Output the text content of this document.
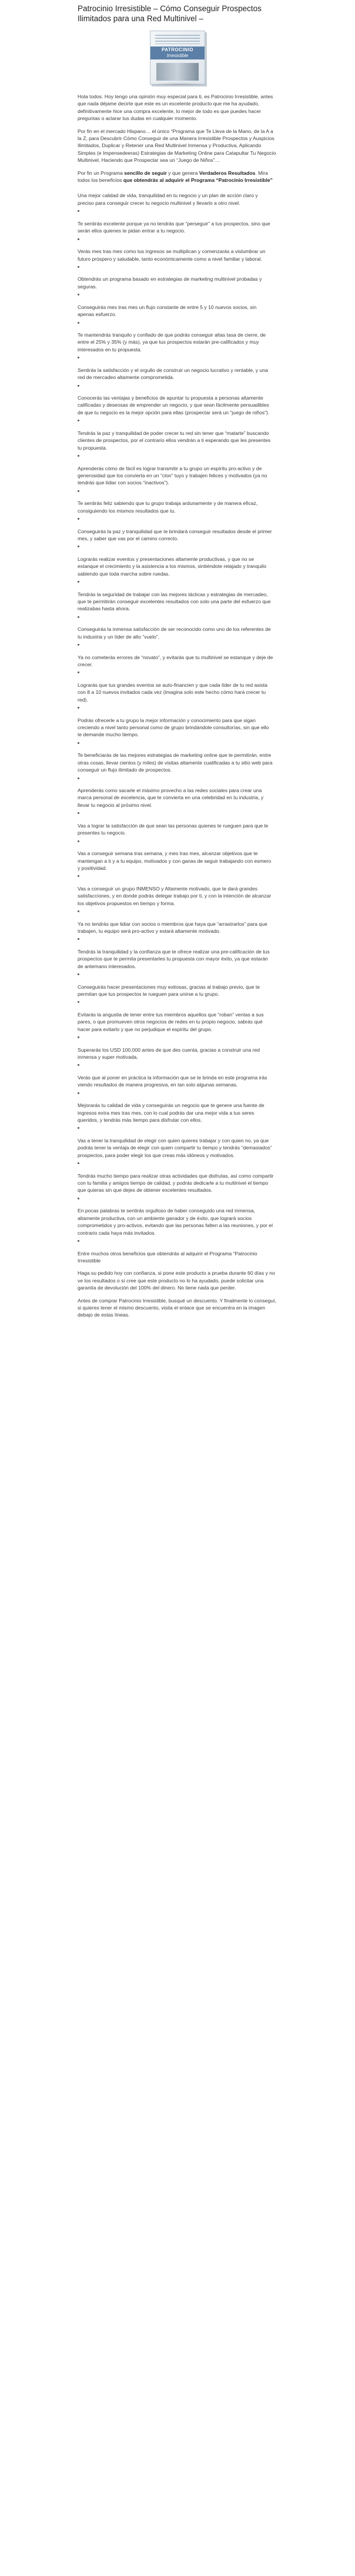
Patrocinio Irresistible – Cómo Conseguir Prospectos Ilimitados para una Red Multinivel –
PATROCINIO
Irresistible

Hola todos. Hoy tengo una opinión muy especial para ti, es Patrocinio Irresistible, antes que nada déjame decirte que este es un excelente producto que me ha ayudado, definitivamente hice una compra excelente, lo mejor de todo es que puedes hacer preguntas o aclarar tus dudas en cualquier momento.

Por fin en el mercado Hispano… el único “Programa que Te Lleva de la Mano, de la A a la Z, para Descubrir Cómo Conseguir de una Manera Irresistible Prospectos y Auspicios Ilimitados, Duplicar y Retener una Red Multinivel Inmensa y Productiva, Aplicando Simples (e Impensedeeras) Estrategias de Marketing Online para Catapultar Tu Negocio Multinivel, Haciendo que Prospectar sea un “Juego de Niños”…

Por fin un Programa sencillo de seguir y que genera Verdaderos Resultados. Mira todos los beneficios que obtendrás al adquirir el Programa “Patrocinio Irresistible”

Una mejor calidad de vida, tranquilidad en tu negocio y un plan de acción claro y preciso para conseguir crecer tu negocio multinivel y llevarlo a otro nivel.
Te sentirás excelente porque ya no tendrás que “perseguir” a tus prospectos, sino que serán ellos quienes te pidan entrar a tu negocio.
Verás mes tras mes como tus ingresos se multiplican y comenzarás a vislumbrar un futuro próspero y saludable, tanto económicamente como a nivel familiar y laboral.
Obtendrás un programa basado en estrategias de marketing multinivel probadas y seguras.
Conseguirás mes tras mes un flujo constante de entre 5 y 10 nuevos socios, sin apenas esfuerzo.
Te mantendrás tranquilo y confiado de que podrás conseguir altas tasa de cierre, de entre el 25% y 35% (y más), ya que tus prospectos estarán pre-calificados y muy interesados en tu propuesta.
Sentirás la satisfacción y el orgullo de construir un negocio lucrativo y rentable, y una red de mercadeo altamente comprometida.
Conocerás las ventajas y beneficios de apuntar tu propuesta a personas altamente calificadas y deseosas de emprender un negocio, y que sean fácilmente persuadibles de que tu negocio es la mejor opción para ellas (prospectar será un “juego de niños”).
Tendrás la paz y tranquilidad de poder crecer tu red sin tener que “matarte” buscando clientes de prospectos, por el contrario ellos vendrán a ti esperando que les presentes tu propuesta.
Aprenderás cómo de fácil es lograr transmitir a tu grupo un espíritu pro-activo y de generosidad que los convierta en un “clon” tuyo y trabajen felices y motivados (ya no tendrás que lidiar con socios “inactivos”).
Te sentirás feliz sabiendo que tu grupo trabaja ardunamente y de manera eficaz, consiguiendo los mismos resultados que tu.
Conseguirás la paz y tranquilidad que te brindará conseguir resultados desde el primer mes, y saber que vas por el camino correcto.
Lograrás realizar eventos y presentaciones altamente productivas, y que no se estanque el crecimiento y la asistencia a los mismos, sintiéndote relajado y tranquilo sabiendo que toda marcha sobre ruedas.
Tendrás la seguridad de trabajar con las mejores tácticas y estrategias de mercadeo, que te permitirán conseguir excelentes resultados con solo una parte del esfuerzo que realizabas hasta ahora.
Conseguirás la inmensa satisfacción de ser reconocido como uno de los referentes de tu industria y un líder de alto “vuelo”.
Ya no cometerás errores de “novato”, y evitarás que tu multinivel se estanque y deje de crecer.
Lograrás que tus grandes eventos se auto-financien y que cada líder de tu red asista con 8 a 10 nuevos invitados cada vez (imagina solo este hecho cómo hará crecer tu red).
Podrás ofrecerle a tu grupo la mejor información y conocimiento para que sigan creciendo a nivel tanto personal como de grupo brindándole consultorías, sin que ello te demande mucho tiempo.
Te beneficiarás de las mejores estrategias de marketing online que te permitirán, entre otras cosas, llevar cientos (y miles) de visitas altamente cualificadas a tu sitio web para conseguir un flujo ilimitado de prospectos.
Aprenderás como sacarle el máximo provecho a las redes sociales para crear una marca personal de excelencia, que te convierta en una celebridad en tu industria, y llevar tu negocio al próximo nivel.
Vas a lograr la satisfacción de que sean las personas quienes te rueguen para que le presentes tu negocio.
Vas a conseguir semana tras semana, y mes tras mes, alcanzar objetivos que te mantengan a ti y a tu equipo, motivados y con ganas de seguir trabajando con esmero y positividad.
Vas a conseguir un grupo INMENSO y Altamente motivado, que te dará grandes satisfacciones, y en donde podrás delegar trabajo por ti, y con la intención de alcanzar los objetivos propuestos en tiempo y forma.
Ya no tendrás que lidiar con socios o miembros que haya que “arrastrarlos” para que trabajen, tu equipo será pro-activo y estará altamente motivado.
Tendrás la tranquilidad y la confianza que te ofrece realizar una pre-calificación de tus prospectos que te permita presentarles tu propuesta con mayor éxito, ya que estarán de antemano interesados.
Conseguirás hacer presentaciones muy exitosas, gracias al trabajo previo, que te permitan que tus prospectos te rueguen para unirse a tu grupo.
Evitarás la angustia de tener entre tus miembros aquellos que “roban” ventas a sus pares, o que promueven otros negocios de redes en tu propio negocio, sabrás qué hacer para evitarlo y que no perjudique el espíritu del grupo.
Superarás los USD 100.000 antes de que des cuenta, gracias a construir una red inmensa y super motivada.
Verás que al poner en práctica la información que se te brinda en este programa irás viendo resultados de manera progresiva, en tan solo algunas semanas.
Mejorarás tu calidad de vida y conseguirás un negocio que te genere una fuente de ingresos extra mes tras mes, con lo cual podrás dar una mejor vida a tus seres queridos, y tendrás más tiempo para disfrutar con ellos.
Vas a tener la tranquilidad de elegir con quien quieres trabajar y con quien no, ya que podrás tener la ventaja de elegir con quien compartir tu tiempo y tendrás “demasiados” prospectos, para poder elegir los que creas más idóneos y motivados.
Tendrás mucho tiempo para realizar otras actividades que disfrutas, así como compartir con tu familia y amigos tiempo de calidad, y podrás dedicarle a tu multinivel el tiempo que quieras sin que dejes de obtener excelentes resultados.
En pocas palabras te sentirás orgulloso de haber conseguido una red inmensa, altamente productiva, con un ambiente ganador y de éxito, que logrará socios comprometidos y pro-activos, evitando que las personas falten a las reuniones, y por el contrario cada haya más invitados.

Entre muchos otros beneficios que obtendrás al adquirir el Programa “Patrocinio Irresistible

Haga su pedido hoy con confianza, si pone este producto a prueba durante 60 días y no ve los resultados o sí cree que este producto no lo ha ayudado, puede solicitar una garantía de devolución del 100% del dinero. No tiene nada que perder.

Antes de comprar Patrocinio Irresistible, busqué un descuento. Y finalmente lo conseguí, si quieres tener el mismo descuento, visita el enlace que se encuentra en la imagen debajo de estas líneas.
